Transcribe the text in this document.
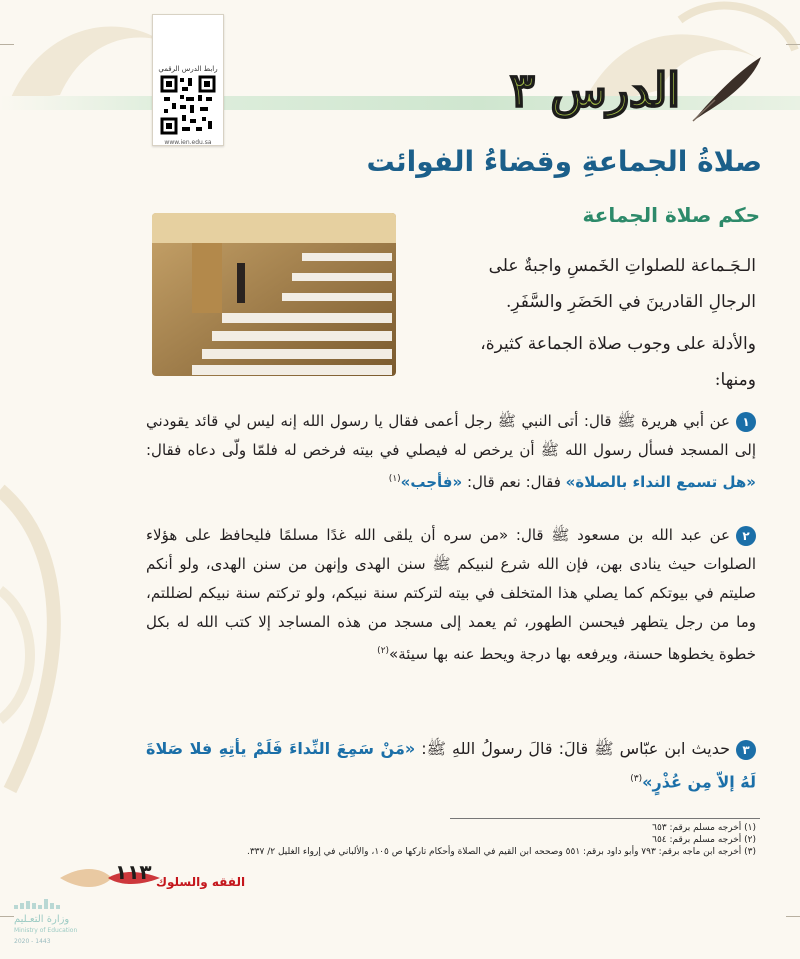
رابط الدرس الرقمي
www.ien.edu.sa
الدرس ٣
صلاةُ الجماعةِ وقضاءُ الفوائت
حكم صلاة الجماعة
الـجَـماعة للصلواتِ الخَمسِ واجبةٌ على
الرجالِ القادرينَ في الحَضَرِ والسَّفَرِ.
والأدلة على وجوب صلاة الجماعة كثيرة،
ومنها:
١عن أبي هريرة ﷺ قال: أتى النبي ﷺ رجل أعمى فقال يا رسول الله إنه ليس لي قائد يقودني إلى المسجد فسأل رسول الله ﷺ أن يرخص له فيصلي في بيته فرخص له فلمّا ولّى دعاه فقال: «هل تسمع النداء بالصلاة» فقال: نعم قال: «فأجب»$^{(١)}$
٢عن عبد الله بن مسعود ﷺ قال: «من سره أن يلقى الله غدًا مسلمًا فليحافظ على هؤلاء الصلوات حيث ينادى بهن، فإن الله شرع لنبيكم ﷺ سنن الهدى وإنهن من سنن الهدى، ولو أنكم صليتم في بيوتكم كما يصلي هذا المتخلف في بيته لتركتم سنة نبيكم، ولو تركتم سنة نبيكم لضللتم، وما من رجل يتطهر فيحسن الطهور، ثم يعمد إلى مسجد من هذه المساجد إلا كتب الله له بكل خطوة يخطوها حسنة، ويرفعه بها درجة ويحط عنه بها سيئة»$^{(٢)}$
٣حديث ابن عبّاس ﷺ قالَ: قالَ رسولُ اللهِ ﷺ: «مَنْ سَمِعَ النِّداءَ فَلَمْ يأتِهِ فلا صَلاةَ لَهُ إلاّ مِن عُذْرٍ»$^{(٣)}$
(١) أخرجه مسلم برقم: ٦٥٣
(٢) أخرجه مسلم برقم: ٦٥٤
(٣) أخرجه ابن ماجه برقم: ٧٩٣ وأبو داود برقم: ٥٥١ وصححه ابن القيم في الصلاة وأحكام تاركها ص ١٠٥، والألباني في إرواء الغليل ٢/ ٣٣٧.
١١٣ الفقه والسلوك
وزارة التعـليم
Ministry of Education
2020 - 1443
